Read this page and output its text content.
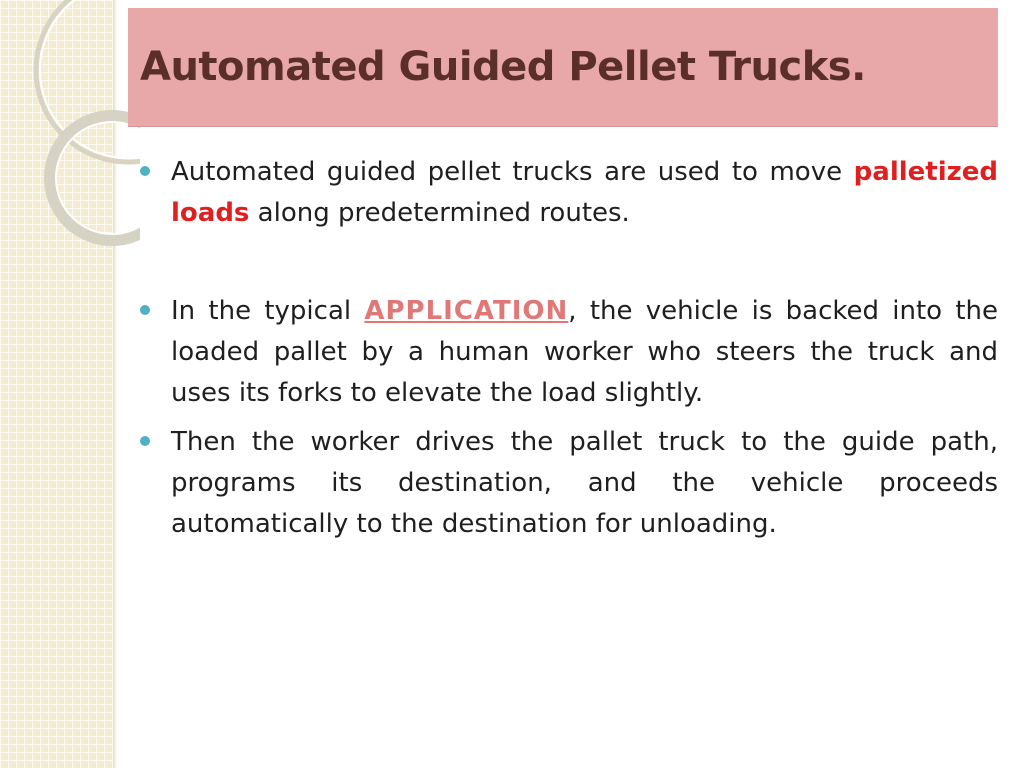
Automated Guided Pellet Trucks.
Automated guided pellet trucks are used to move palletized loads along predetermined routes.
In the typical APPLICATION, the vehicle is backed into the loaded pallet by a human worker who steers the truck and uses its forks to elevate the load slightly.
Then the worker drives the pallet truck to the guide path, programs its destination, and the vehicle proceeds automatically to the destination for unloading.
